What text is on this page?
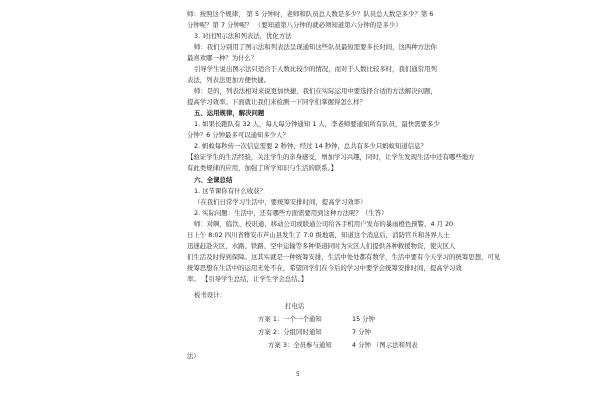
师：按照这个规律， 第 5 分钟时，老师和队员总人数是多少？队员总人数是多少？第 6
分钟呢？第 7 分钟呢？ （要知道第八分钟的就必须知道第六分钟的是多少）
3. 对比图示法和列表法，优化方法
师：我们分别用了图示法和列表法呈现通知这些队员最短需要多长时间，这两种方法你
最喜欢哪一种？为什么？
引导学生说出图示法只适合于人数比较少的情况，而对于人数比较多时，我们通常用列
表法，列表法更加方便快捷。
师：是的，列表法相对来说更加快捷，我们在实际运用中要选择合适的方法解决问题，
提高学习效率。下面就让我们来检测一下同学们掌握得怎么样？
五、运用规律，解决问题
1. 如果长跑队有 32 人，每人每分钟通知 1 人，李老师要通知所有队员，最快需要多少
分钟？6 分钟最多可以通知多少人？
2. 蚂蚁每秒传一次信息需要 2 秒钟，经过 14 秒钟，总共有多少只蚂蚁知道信息？
【验证学生的生活经验，关注学生的亲身感受，增加学习兴趣，同时，让学生发现生活中还有哪些地方
有此类规律的应用，加强了所学知识与生活的联系。】
六、全课总结
1. 这节课你有什么收获？
（在我们日常学习生活中，要统筹安排时间，提高学习效率）
2. 实际问题：生活中，还有哪些方面需要用到这种方法呢？（生答）
师：对啊，临饮、校讯通、移动公司或联通公司给各手机用户发布的暴雨橙色预警、4 月 20
日上午 8:02 四川省雅安市芦山县发生了 7.0 级地震，知道这个消息后，消防官兵和各界人士
迅速赶赴灾区，水路、铁路、空中运输等多种渠道同时为灾区人们提供各种救援物资，使灾区人
们生活及时得到保障。这其实就是一种统筹安排，生活中处处都有数学，生活中要有今天学习的统筹思想，可见
统筹思想在生活中的运用无处不在，希望同学们在今后的学习中要学会统筹安排时间，提高学习效
率。 【引导学生总结，让学生学会总结。】
板书设计：
打电话
方案 1：一个一个通知	15 分钟
方案 2：分组同时通知	7 分钟
方案 3：全员参与通知	4 分钟 （图示法和列表
法）
5
